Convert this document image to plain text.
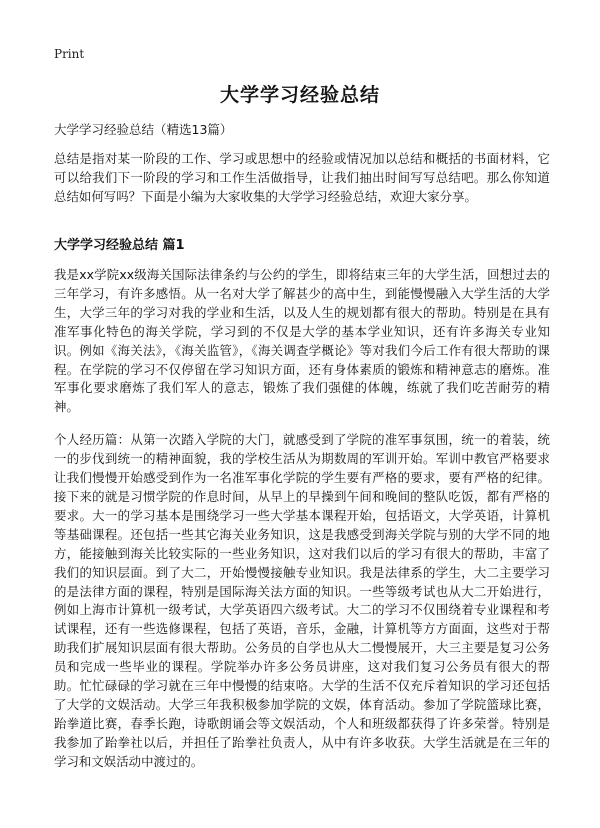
Print
大学学习经验总结
大学学习经验总结（精选13篇）

总结是指对某一阶段的工作、学习或思想中的经验或情况加以总结和概括的书面材料，它可以给我们下一阶段的学习和工作生活做指导，让我们抽出时间写写总结吧。那么你知道总结如何写吗？下面是小编为大家收集的大学学习经验总结，欢迎大家分享。

大学学习经验总结 篇1

我是xx学院xx级海关国际法律条约与公约的学生，即将结束三年的大学生活，回想过去的三年学习，有许多感悟。从一名对大学了解甚少的高中生，到能慢慢融入大学生活的大学生，大学三年的学习对我的学业和生活，以及人生的规划都有很大的帮助。特别是在具有准军事化特色的海关学院，学习到的不仅是大学的基本学业知识，还有许多海关专业知识。例如《海关法》，《海关监管》，《海关调查学概论》等对我们今后工作有很大帮助的课程。在学院的学习不仅停留在学习知识方面，还有身体素质的锻炼和精神意志的磨炼。准军事化要求磨炼了我们军人的意志，锻炼了我们强健的体魄，练就了我们吃苦耐劳的精神。

个人经历篇：从第一次踏入学院的大门，就感受到了学院的准军事氛围，统一的着装，统一的步伐到统一的精神面貌，我的学校生活从为期数周的军训开始。军训中教官严格要求让我们慢慢开始感受到作为一名准军事化学院的学生要有严格的要求，要有严格的纪律。接下来的就是习惯学院的作息时间，从早上的早操到午间和晚间的整队吃饭，都有严格的要求。大一的学习基本是围绕学习一些大学基本课程开始，包括语文，大学英语，计算机等基础课程。还包括一些其它海关业务知识，这是我感受到海关学院与别的大学不同的地方，能接触到海关比较实际的一些业务知识，这对我们以后的学习有很大的帮助，丰富了我们的知识层面。到了大二，开始慢慢接触专业知识。我是法律系的学生，大二主要学习的是法律方面的课程，特别是国际海关法方面的知识。一些等级考试也从大二开始进行，例如上海市计算机一级考试，大学英语四六级考试。大二的学习不仅围绕着专业课程和考试课程，还有一些选修课程，包括了英语，音乐，金融，计算机等方方面面，这些对于帮助我们扩展知识层面有很大帮助。公务员的自学也从大二慢慢展开，大三主要是复习公务员和完成一些毕业的课程。学院举办许多公务员讲座，这对我们复习公务员有很大的帮助。忙忙碌碌的学习就在三年中慢慢的结束咯。大学的生活不仅充斥着知识的学习还包括了大学的文娱活动。大学三年我积极参加学院的文娱，体育活动。参加了学院篮球比赛，跆拳道比赛，春季长跑，诗歌朗诵会等文娱活动，个人和班级都获得了许多荣誉。特别是我参加了跆拳社以后，并担任了跆拳社负责人，从中有许多收获。大学生活就是在三年的学习和文娱活动中渡过的。
